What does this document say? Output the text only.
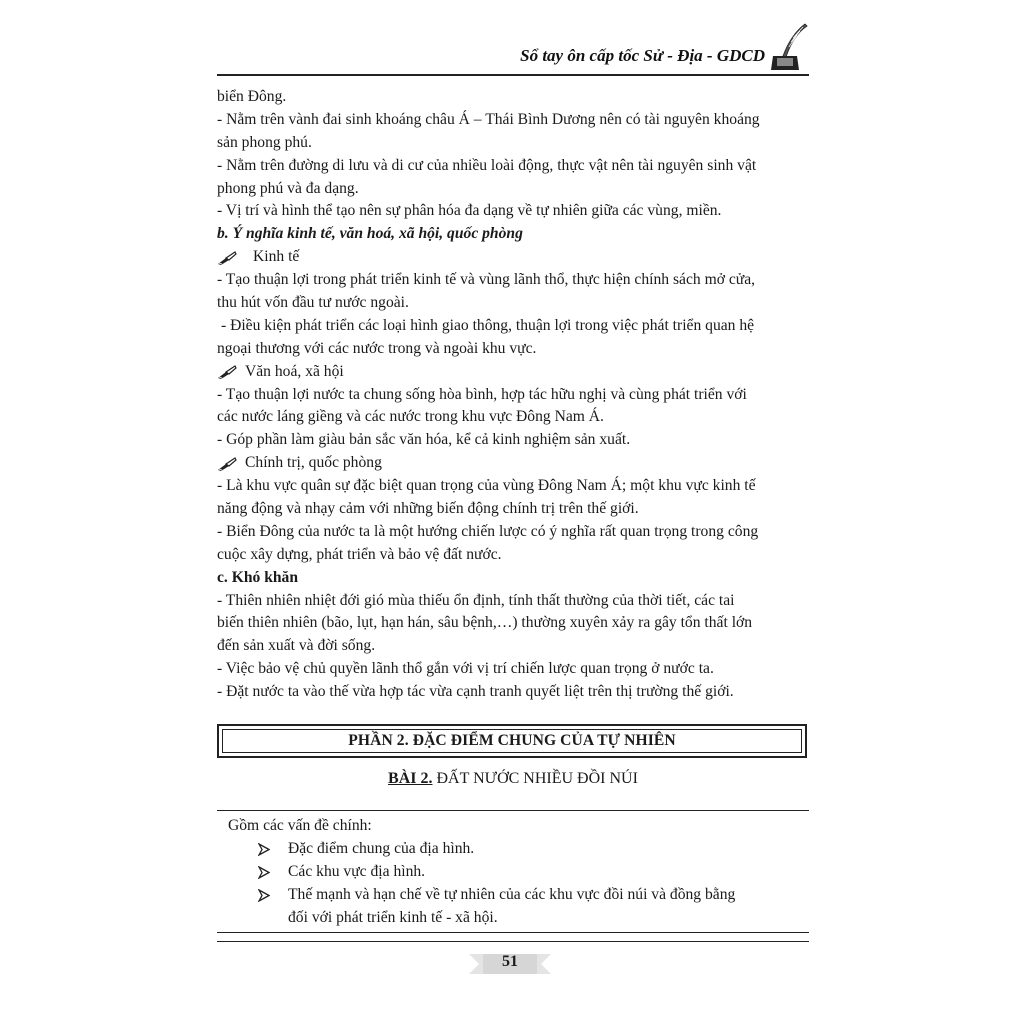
Sổ tay ôn cấp tốc Sử - Địa - GDCD
biển Đông.
- Nằm trên vành đai sinh khoáng châu Á – Thái Bình Dương nên có tài nguyên khoáng
sản phong phú.
- Nằm trên đường di lưu và di cư của nhiều loài động, thực vật nên tài nguyên sinh vật
phong phú và đa dạng.
- Vị trí và hình thể tạo nên sự phân hóa đa dạng về tự nhiên giữa các vùng, miền.
b. Ý nghĩa kinh tế, văn hoá, xã hội, quốc phòng
Kinh tế
- Tạo thuận lợi trong phát triển kinh tế và vùng lãnh thổ, thực hiện chính sách mở cửa,
thu hút vốn đầu tư nước ngoài.
- Điều kiện phát triển các loại hình giao thông, thuận lợi trong việc phát triển quan hệ
ngoại thương với các nước trong và ngoài khu vực.
Văn hoá, xã hội
- Tạo thuận lợi nước ta chung sống hòa bình, hợp tác hữu nghị và cùng phát triển với
các nước láng giềng và các nước trong khu vực Đông Nam Á.
- Góp phần làm giàu bản sắc văn hóa, kể cả kinh nghiệm sản xuất.
Chính trị, quốc phòng
- Là khu vực quân sự đặc biệt quan trọng của vùng Đông Nam Á; một khu vực kinh tế
năng động và nhạy cảm với những biến động chính trị trên thế giới.
- Biển Đông của nước ta là một hướng chiến lược có ý nghĩa rất quan trọng trong công
cuộc xây dựng, phát triển và bảo vệ đất nước.
c. Khó khăn
- Thiên nhiên nhiệt đới gió mùa thiếu ổn định, tính thất thường của thời tiết, các tai
biến thiên nhiên (bão, lụt, hạn hán, sâu bệnh,…) thường xuyên xảy ra gây tổn thất lớn
đến sản xuất và đời sống.
- Việc bảo vệ chủ quyền lãnh thổ gắn với vị trí chiến lược quan trọng ở nước ta.
- Đặt nước ta vào thế vừa hợp tác vừa cạnh tranh quyết liệt trên thị trường thế giới.
PHẦN 2. ĐẶC ĐIỂM CHUNG CỦA TỰ NHIÊN
BÀI 2. ĐẤT NƯỚC NHIỀU ĐỒI NÚI
Gồm các vấn đề chính:
Đặc điểm chung của địa hình.
Các khu vực địa hình.
Thế mạnh và hạn chế về tự nhiên của các khu vực đồi núi và đồng bằng
đối với phát triển kinh tế - xã hội.
51
